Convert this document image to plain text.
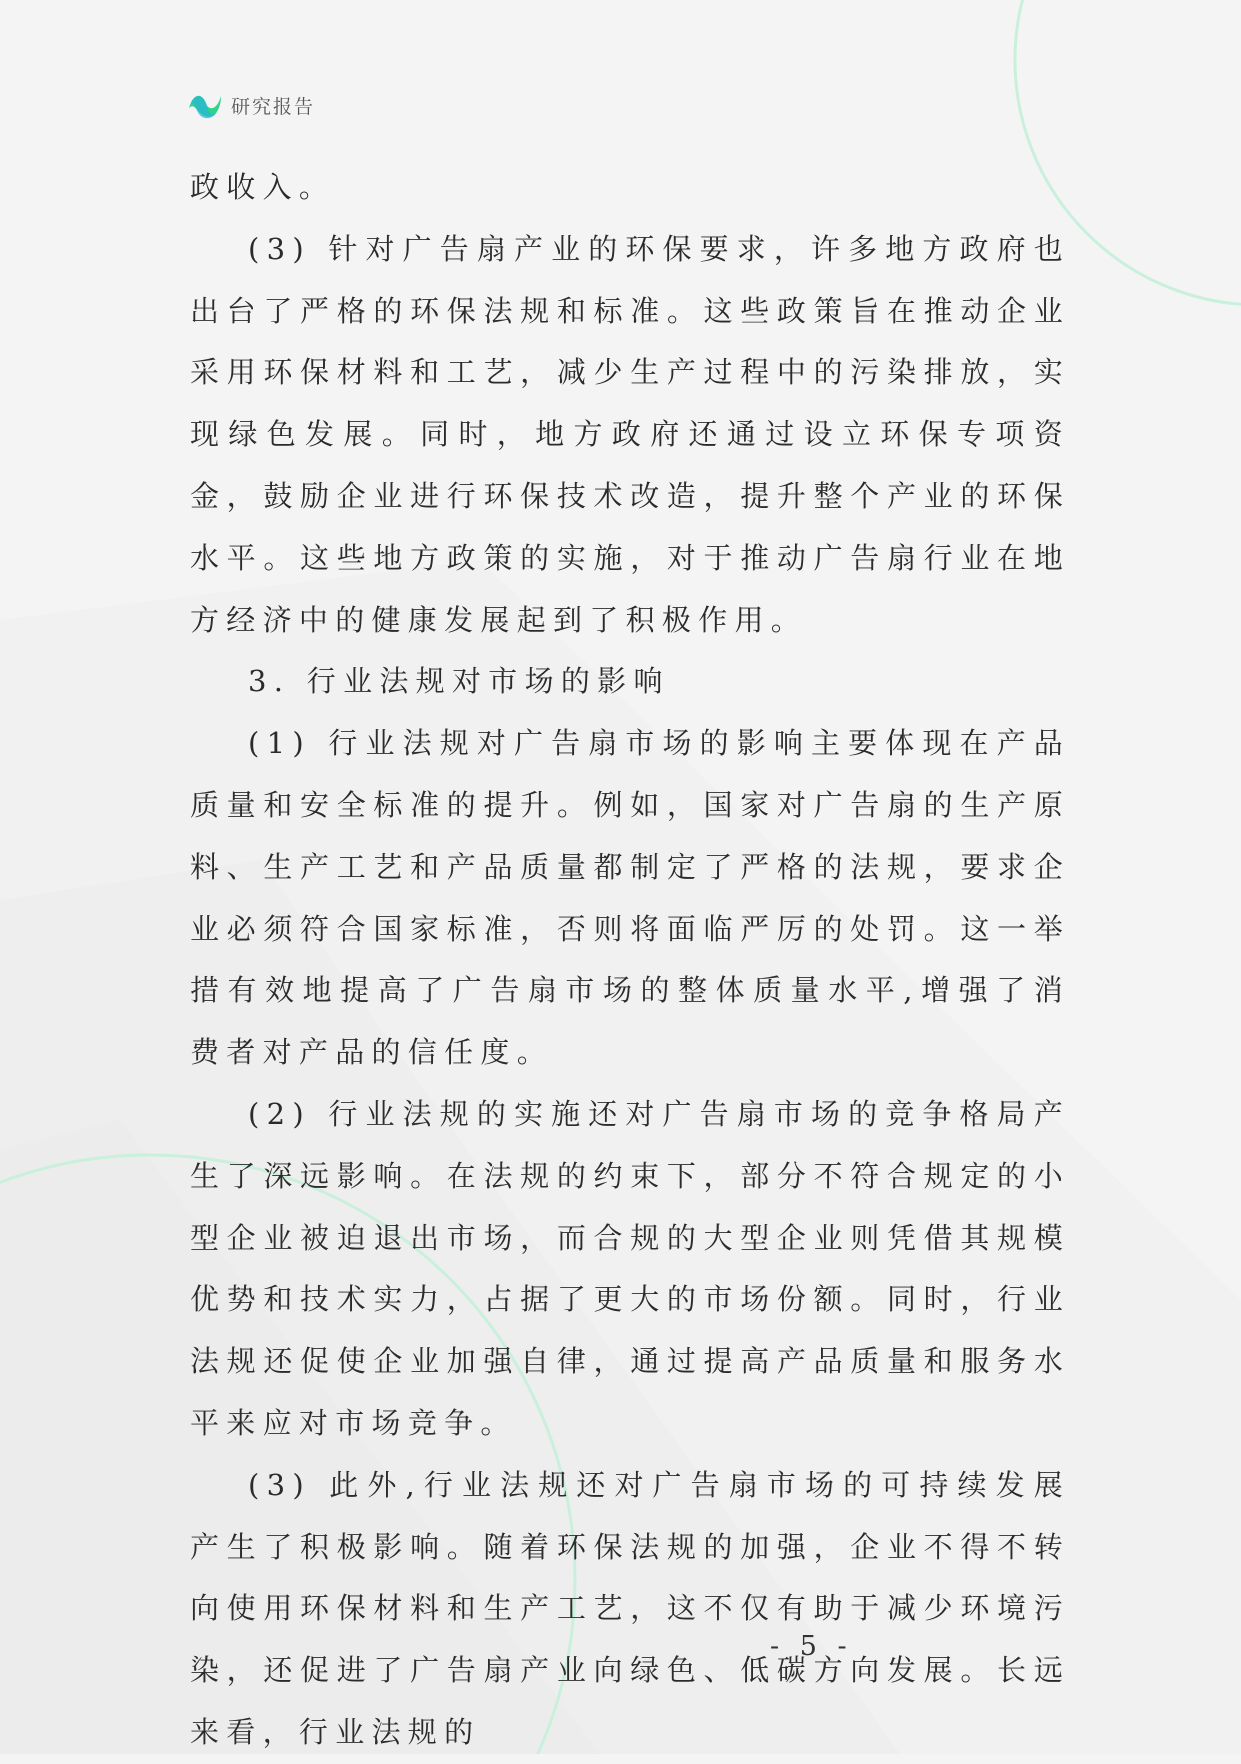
研究报告

政收入。

(3) 针对广告扇产业的环保要求，许多地方政府也出台了严格的环保法规和标准。这些政策旨在推动企业采用环保材料和工艺，减少生产过程中的污染排放，实现绿色发展。同时，地方政府还通过设立环保专项资金，鼓励企业进行环保技术改造，提升整个产业的环保水平。这些地方政策的实施，对于推动广告扇行业在地方经济中的健康发展起到了积极作用。

3. 行业法规对市场的影响

(1) 行业法规对广告扇市场的影响主要体现在产品质量和安全标准的提升。例如，国家对广告扇的生产原料、生产工艺和产品质量都制定了严格的法规，要求企业必须符合国家标准，否则将面临严厉的处罚。这一举措有效地提高了广告扇市场的整体质量水平,增强了消费者对产品的信任度。

(2) 行业法规的实施还对广告扇市场的竞争格局产生了深远影响。在法规的约束下，部分不符合规定的小型企业被迫退出市场，而合规的大型企业则凭借其规模优势和技术实力，占据了更大的市场份额。同时，行业法规还促使企业加强自律，通过提高产品质量和服务水平来应对市场竞争。

(3) 此外,行业法规还对广告扇市场的可持续发展产生了积极影响。随着环保法规的加强，企业不得不转向使用环保材料和生产工艺，这不仅有助于减少环境污染，还促进了广告扇产业向绿色、低碳方向发展。长远来看，行业法规的

- 5 -
